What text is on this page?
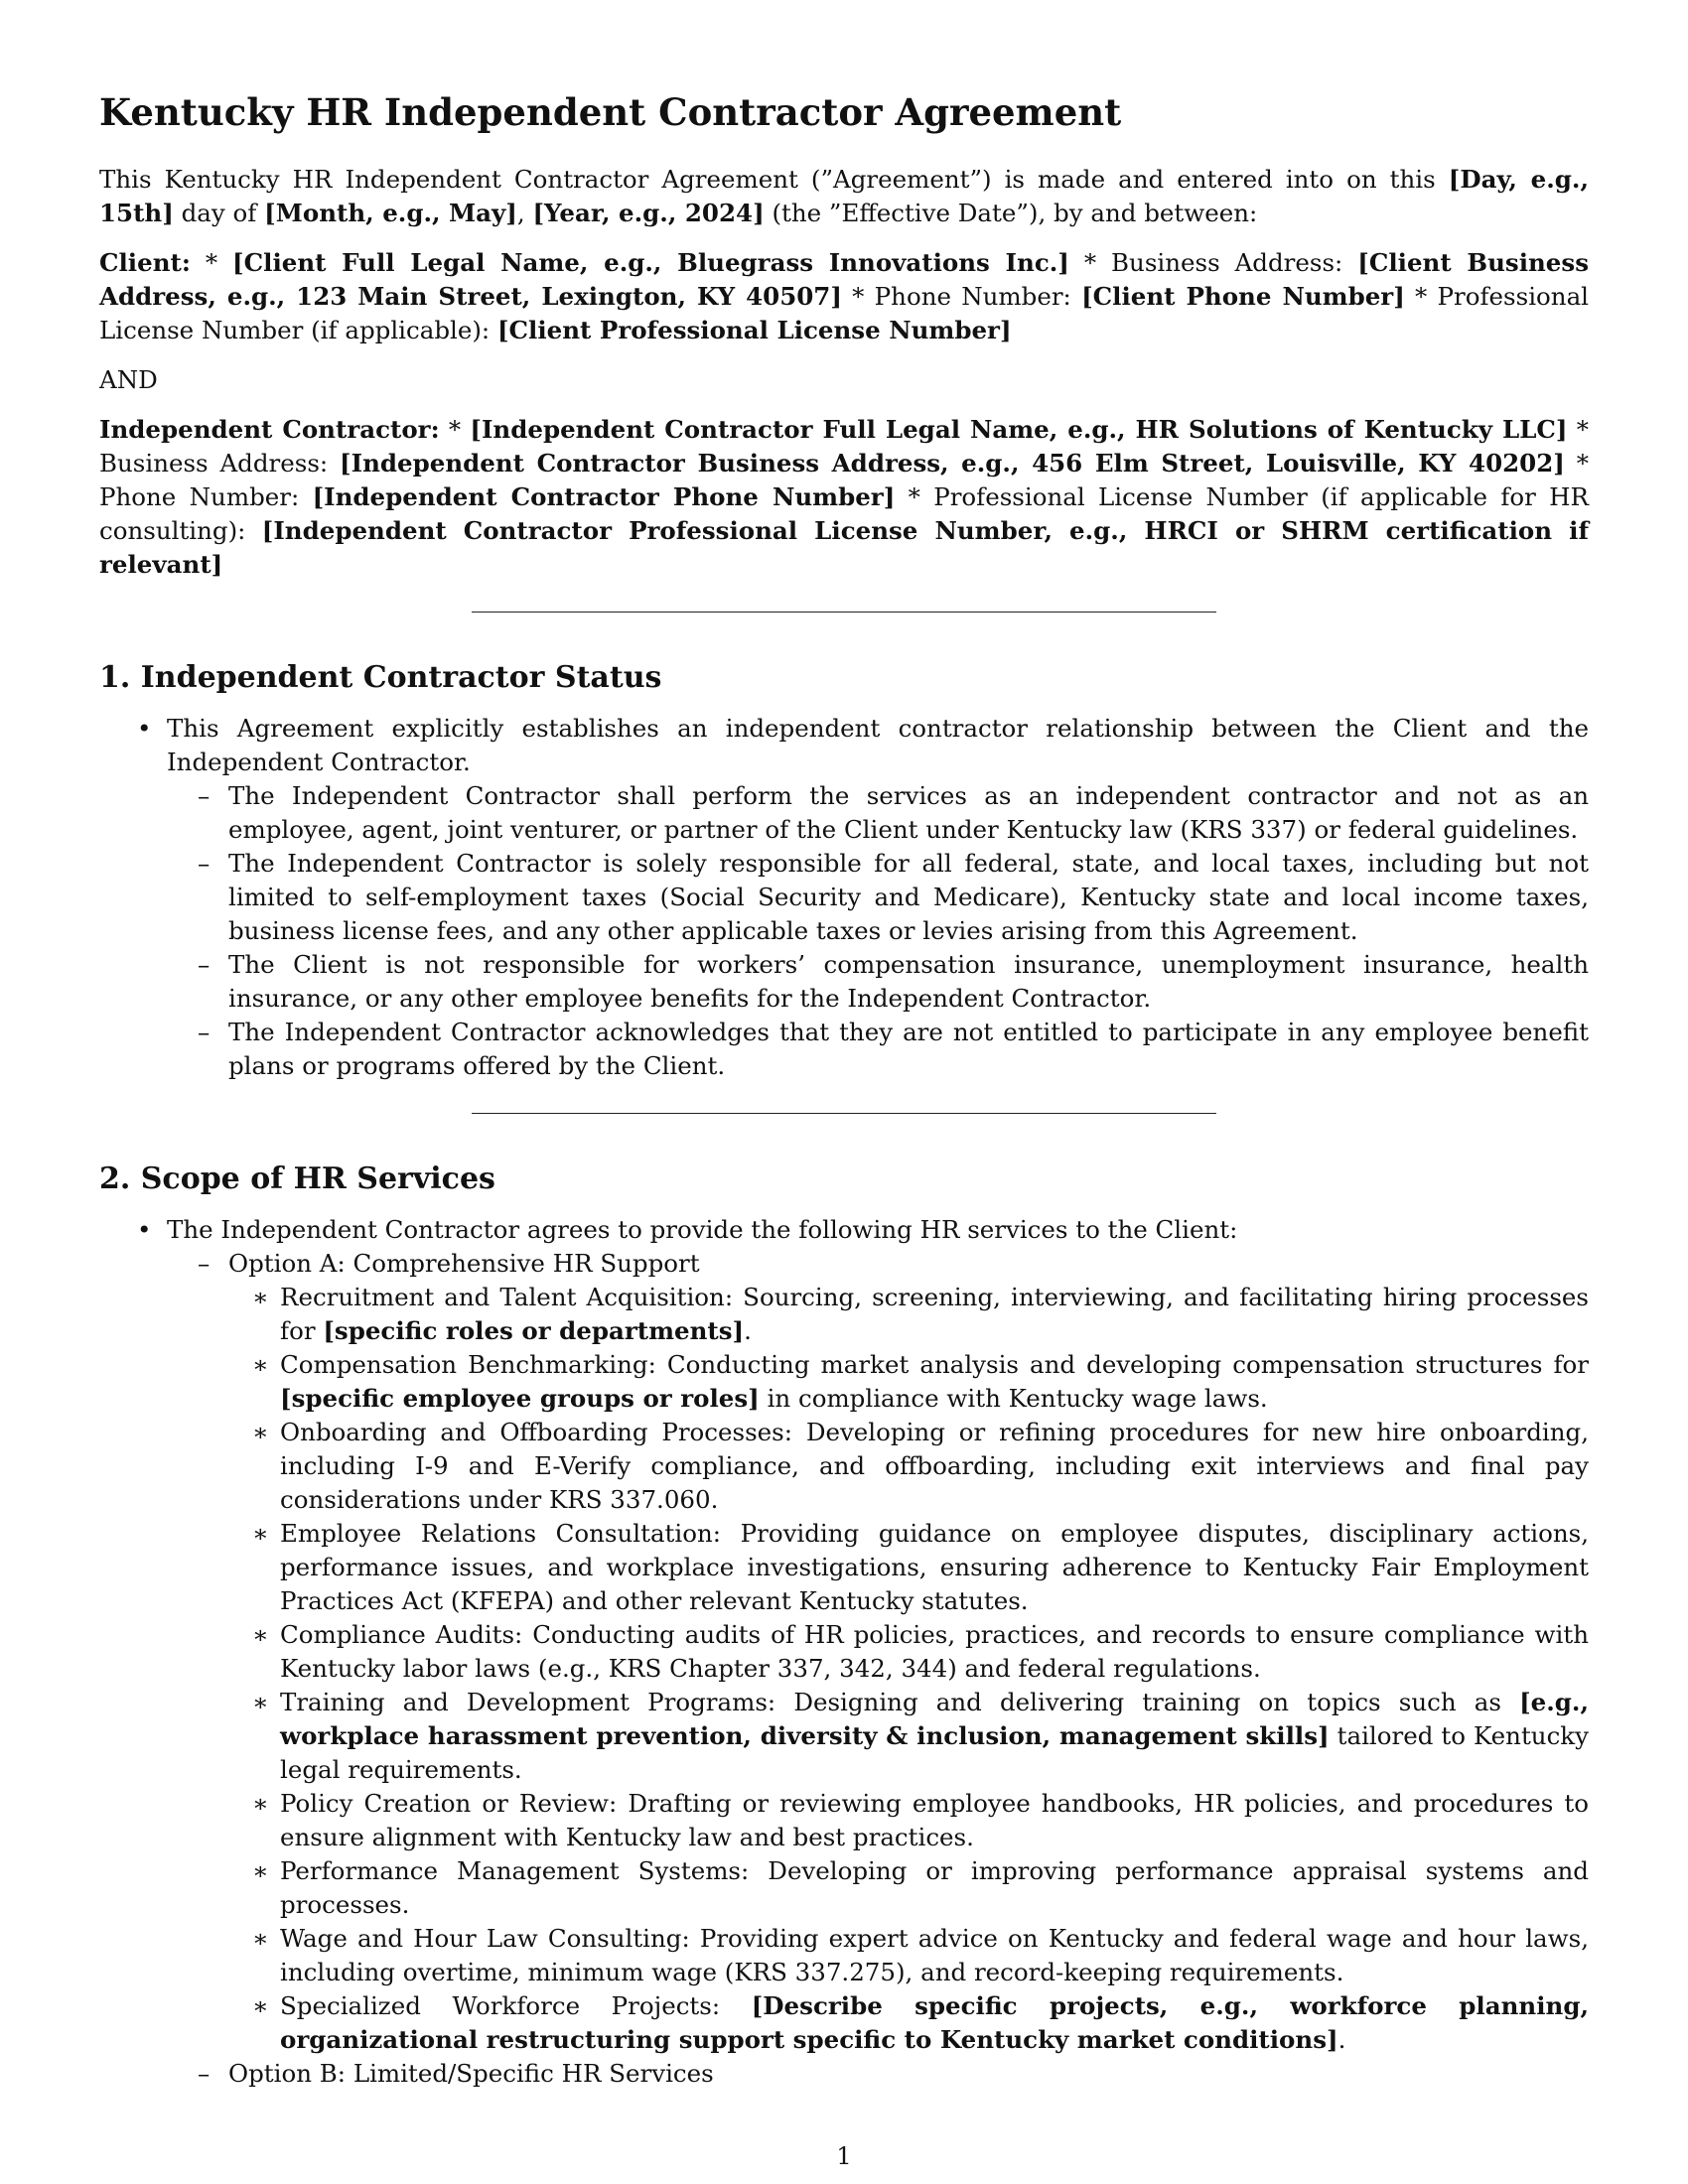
Kentucky HR Independent Contractor Agreement

This Kentucky HR Independent Contractor Agreement (”Agreement”) is made and entered into on this [Day, e.g., 15th] day of [Month, e.g., May], [Year, e.g., 2024] (the ”Effective Date”), by and between:

Client: * [Client Full Legal Name, e.g., Bluegrass Innovations Inc.] * Business Address: [Client Business Address, e.g., 123 Main Street, Lexington, KY 40507] * Phone Number: [Client Phone Number] * Professional License Number (if applicable): [Client Professional License Number]

AND

Independent Contractor: * [Independent Contractor Full Legal Name, e.g., HR Solutions of Kentucky LLC] * Business Address: [Independent Contractor Business Address, e.g., 456 Elm Street, Louisville, KY 40202] * Phone Number: [Independent Contractor Phone Number] * Professional License Number (if applicable for HR consulting): [Independent Contractor Professional License Number, e.g., HRCI or SHRM certification if relevant]

1. Independent Contractor Status
• This Agreement explicitly establishes an independent contractor relationship between the Client and the Independent Contractor.
– The Independent Contractor shall perform the services as an independent contractor and not as an employee, agent, joint venturer, or partner of the Client under Kentucky law (KRS 337) or federal guidelines.
– The Independent Contractor is solely responsible for all federal, state, and local taxes, including but not limited to self-employment taxes (Social Security and Medicare), Kentucky state and local income taxes, business license fees, and any other applicable taxes or levies arising from this Agreement.
– The Client is not responsible for workers’ compensation insurance, unemployment insurance, health insurance, or any other employee benefits for the Independent Contractor.
– The Independent Contractor acknowledges that they are not entitled to participate in any employee benefit plans or programs offered by the Client.
2. Scope of HR Services
• The Independent Contractor agrees to provide the following HR services to the Client:
– Option A: Comprehensive HR Support
∗ Recruitment and Talent Acquisition: Sourcing, screening, interviewing, and facilitating hiring processes for [specific roles or departments].
∗ Compensation Benchmarking: Conducting market analysis and developing compensation structures for [specific employee groups or roles] in compliance with Kentucky wage laws.
∗ Onboarding and Offboarding Processes: Developing or refining procedures for new hire onboarding, including I-9 and E-Verify compliance, and offboarding, including exit interviews and final pay considerations under KRS 337.060.
∗ Employee Relations Consultation: Providing guidance on employee disputes, disciplinary actions, performance issues, and workplace investigations, ensuring adherence to Kentucky Fair Employment Practices Act (KFEPA) and other relevant Kentucky statutes.
∗ Compliance Audits: Conducting audits of HR policies, practices, and records to ensure compliance with Kentucky labor laws (e.g., KRS Chapter 337, 342, 344) and federal regulations.
∗ Training and Development Programs: Designing and delivering training on topics such as [e.g., workplace harassment prevention, diversity & inclusion, management skills] tailored to Kentucky legal requirements.
∗ Policy Creation or Review: Drafting or reviewing employee handbooks, HR policies, and procedures to ensure alignment with Kentucky law and best practices.
∗ Performance Management Systems: Developing or improving performance appraisal systems and processes.
∗ Wage and Hour Law Consulting: Providing expert advice on Kentucky and federal wage and hour laws, including overtime, minimum wage (KRS 337.275), and record-keeping requirements.
∗ Specialized Workforce Projects: [Describe specific projects, e.g., workforce planning, organizational restructuring support specific to Kentucky market conditions].
– Option B: Limited/Specific HR Services
1
